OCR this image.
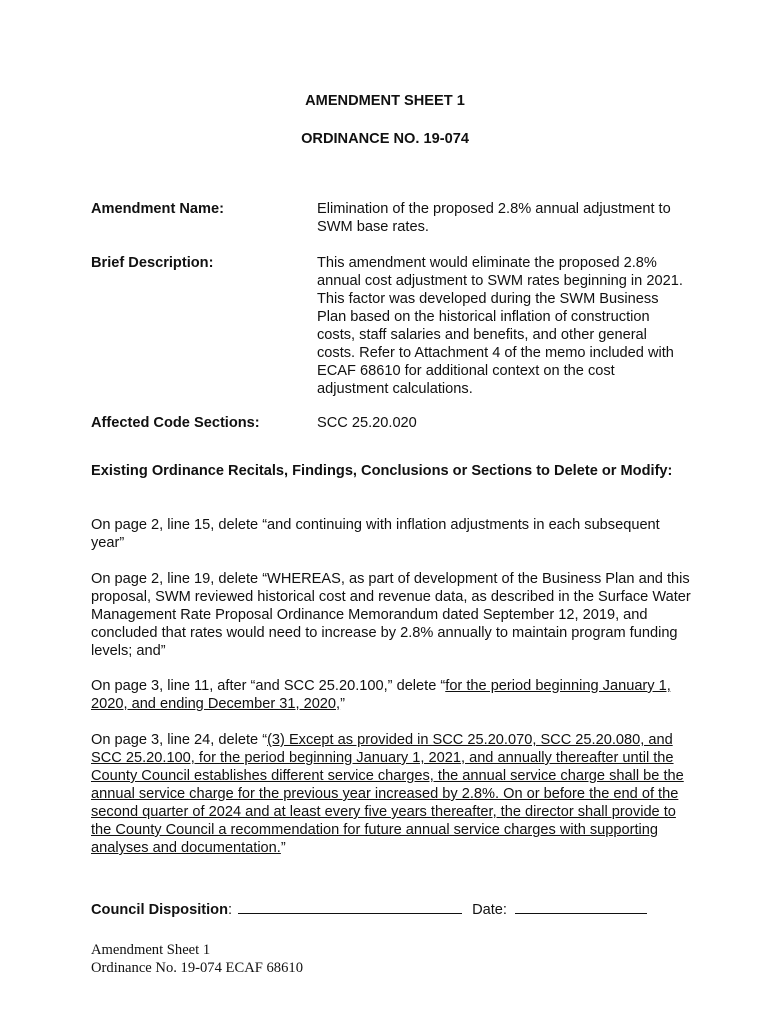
AMENDMENT SHEET 1
ORDINANCE NO. 19-074
Amendment Name:	Elimination of the proposed 2.8% annual adjustment to SWM base rates.
Brief Description:	This amendment would eliminate the proposed 2.8% annual cost adjustment to SWM rates beginning in 2021. This factor was developed during the SWM Business Plan based on the historical inflation of construction costs, staff salaries and benefits, and other general costs. Refer to Attachment 4 of the memo included with ECAF 68610 for additional context on the cost adjustment calculations.
Affected Code Sections:	SCC 25.20.020
Existing Ordinance Recitals, Findings, Conclusions or Sections to Delete or Modify:
On page 2, line 15, delete “and continuing with inflation adjustments in each subsequent year”
On page 2, line 19, delete “WHEREAS, as part of development of the Business Plan and this proposal, SWM reviewed historical cost and revenue data, as described in the Surface Water Management Rate Proposal Ordinance Memorandum dated September 12, 2019, and concluded that rates would need to increase by 2.8% annually to maintain program funding levels; and”
On page 3, line 11, after “and SCC 25.20.100,” delete “for the period beginning January 1, 2020, and ending December 31, 2020,”
On page 3, line 24, delete “(3) Except as provided in SCC 25.20.070, SCC 25.20.080, and SCC 25.20.100, for the period beginning January 1, 2021, and annually thereafter until the County Council establishes different service charges, the annual service charge shall be the annual service charge for the previous year increased by 2.8%. On or before the end of the second quarter of 2024 and at least every five years thereafter, the director shall provide to the County Council a recommendation for future annual service charges with supporting analyses and documentation.”
Council Disposition:	Date:
Amendment Sheet 1
Ordinance No. 19-074 ECAF 68610
